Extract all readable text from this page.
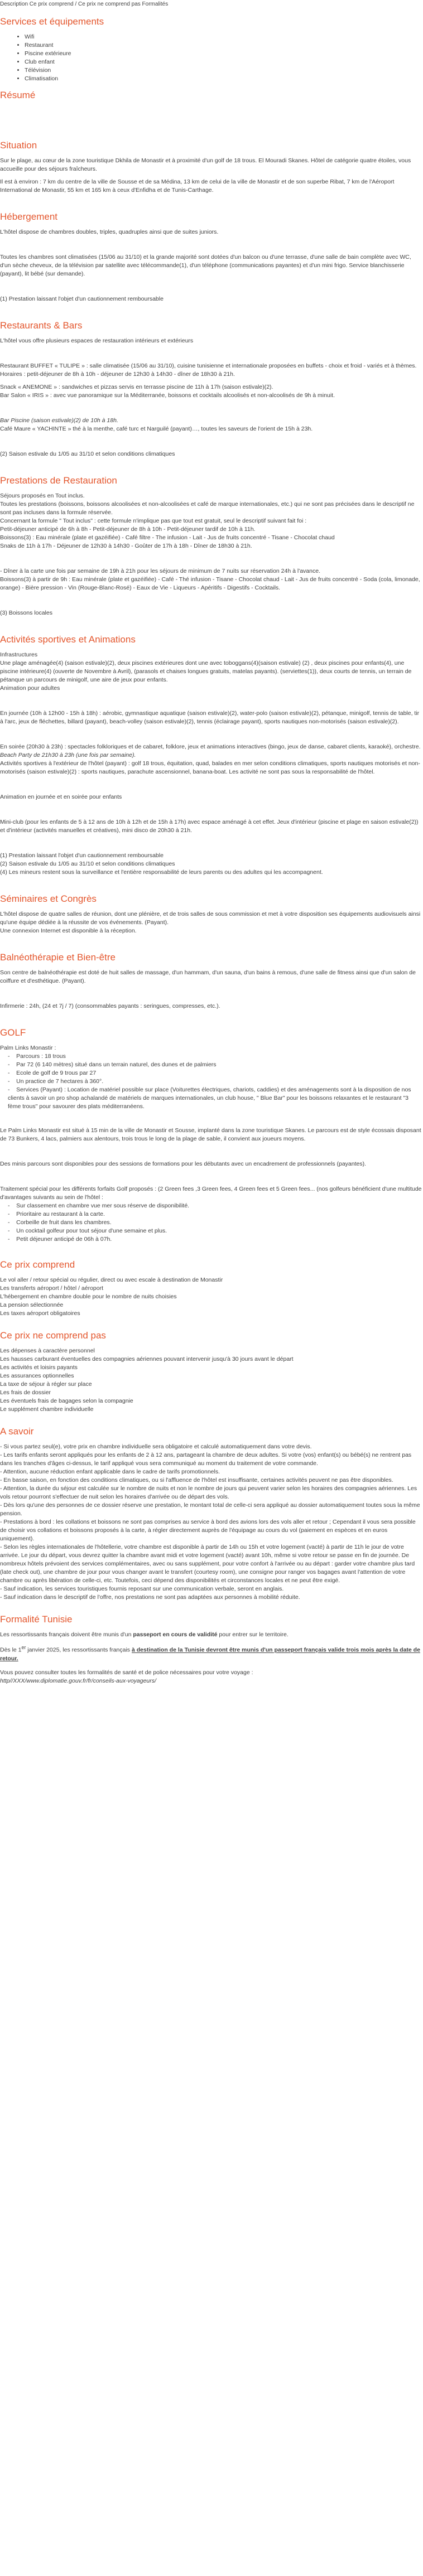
Description Ce prix comprend / Ce prix ne comprend pas Formalités
Services et équipements
• Wifi
• Restaurant
• Piscine extérieure
• Club enfant
• Télévision
• Climatisation
Résumé
Situation

Sur le plage, au cœur de la zone touristique Dkhila de Monastir et à proximité d'un golf de 18 trous. El Mouradi Skanes. Hôtel de catégorie quatre étoiles, vous accueille pour des séjours fraîcheurs.

Il est à environ : 7 km du centre de la ville de Sousse et de sa Médina, 13 km de celui de la ville de Monastir et de son superbe Ribat, 7 km de l'Aéroport International de Monastir, 55 km et 165 km à ceux d'Enfidha et de Tunis-Carthage.

Hébergement

L'hôtel dispose de chambres doubles, triples, quadruples ainsi que de suites juniors.

Toutes les chambres sont climatisées (15/06 au 31/10) et la grande majorité sont dotées d'un balcon ou d'une terrasse, d'une salle de bain complète avec WC, d'un sèche cheveux, de la télévision par satellite avec télécommande(1), d'un téléphone (communications payantes) et d'un mini frigo. Service blanchisserie (payant), lit bébé (sur demande).

(1) Prestation laissant l'objet d'un cautionnement remboursable

Restaurants & Bars

L'hôtel vous offre plusieurs espaces de restauration intérieurs et extérieurs

Restaurant BUFFET « TULIPE » : salle climatisée (15/06 au 31/10), cuisine tunisienne et internationale proposées en buffets - choix et froid - variés et à thèmes. Horaires : petit-déjeuner de 8h à 10h - déjeuner de 12h30 à 14h30 - dîner de 18h30 à 21h.

Snack « ANEMONE » : sandwiches et pizzas servis en terrasse piscine de 11h à 17h (saison estivale)(2).

Bar Salon « IRIS » : avec vue panoramique sur la Méditerranée, boissons et cocktails alcoolisés et non-alcoolisés de 9h à minuit.

Bar Piscine (saison estivale)(2) de 10h à 18h.

Café Maure « YACHINTE » thé à la menthe, café turc et Narguilé (payant)…, toutes les saveurs de l'orient de 15h à 23h.

(2) Saison estivale du 1/05 au 31/10 et selon conditions climatiques

Prestations de Restauration

Séjours proposés en Tout inclus.

Toutes les prestations (boissons, boissons alcoolisées et non-alcoolisées et café de marque internationales, etc.) qui ne sont pas précisées dans le descriptif ne sont pas incluses dans la formule réservée.

Concernant la formule " Tout inclus" : cette formule n'implique pas que tout est gratuit, seul le descriptif suivant fait foi :

Petit-déjeuner anticipé de 6h à 8h - Petit-déjeuner de 8h à 10h - Petit-déjeuner tardif de 10h à 11h.

Boissons(3) : Eau minérale (plate et gazéifiée) - Café filtre - The infusion - Lait - Jus de fruits concentré - Tisane - Chocolat chaud

Snaks de 11h à 17h - Déjeuner de 12h30 à 14h30 - Goûter de 17h à 18h - Dîner de 18h30 à 21h.

- Dîner à la carte une fois par semaine de 19h à 21h pour les séjours de minimum de 7 nuits sur réservation 24h à l'avance.

Boissons(3) à partir de 9h : Eau minérale (plate et gazéifiée) - Café - Thé infusion - Tisane - Chocolat chaud - Lait - Jus de fruits concentré - Soda (cola, limonade, orange) - Bière pression - Vin (Rouge-Blanc-Rosé) - Eaux de Vie - Liqueurs - Apéritifs - Digestifs - Cocktails.

(3) Boissons locales

Activités sportives et Animations

Infrastructures

Une plage aménagée(4) (saison estivale)(2), deux piscines extérieures dont une avec toboggans(4)(saison estivale) (2) , deux piscines pour enfants(4), une piscine intérieure(4) (ouverte de Novembre à Avril), (parasols et chaises longues gratuits, matelas payants). (serviettes(1)), deux courts de tennis, un terrain de pétanque un parcours de minigolf, une aire de jeux pour enfants.

Animation pour adultes

En journée (10h à 12h00 - 15h à 18h) : aérobic, gymnastique aquatique (saison estivale)(2), water-polo (saison estivale)(2), pétanque, minigolf, tennis de table, tir à l'arc, jeux de fléchettes, billard (payant), beach-volley (saison estivale)(2), tennis (éclairage payant), sports nautiques non-motorisés (saison estivale)(2).

En soirée (20h30 à 23h) : spectacles folkloriques et de cabaret, folklore, jeux et animations interactives (bingo, jeux de danse, cabaret clients, karaoké), orchestre.

Beach Party de 21h30 à 23h (une fois par semaine).

Activités sportives à l'extérieur de l'hôtel (payant) : golf 18 trous, équitation, quad, balades en mer selon conditions climatiques, sports nautiques motorisés et non-motorisés (saison estivale)(2) : sports nautiques, parachute ascensionnel, banana-boat. Les activité ne sont pas sous la responsabilité de l'hôtel.

Animation en journée et en soirée pour enfants

Mini-club (pour les enfants de 5 à 12 ans de 10h à 12h et de 15h à 17h) avec espace aménagé à cet effet. Jeux d'intérieur (piscine et plage en saison estivale(2)) et d'intérieur (activités manuelles et créatives), mini disco de 20h30 à 21h.

(1) Prestation laissant l'objet d'un cautionnement remboursable

(2) Saison estivale du 1/05 au 31/10 et selon conditions climatiques

(4) Les mineurs restent sous la surveillance et l'entière responsabilité de leurs parents ou des adultes qui les accompagnent.

Séminaires et Congrès

L'hôtel dispose de quatre salles de réunion, dont une plénière, et de trois salles de sous commission et met à votre disposition ses équipements audiovisuels ainsi qu'une équipe dédiée à la réussite de vos événements. (Payant).

Une connexion Internet est disponible à la réception.

Balnéothérapie et Bien-être

Son centre de balnéothérapie est doté de huit salles de massage, d'un hammam, d'un sauna, d'un bains à remous, d'une salle de fitness ainsi que d'un salon de coiffure et d'esthétique. (Payant).

Infirmerie : 24h, (24 et 7j / 7) (consommables payants : seringues, compresses, etc.).

GOLF

Palm Links Monastir :

-    Parcours : 18 trous
-    Par 72 (6 140 mètres) situé dans un terrain naturel, des dunes et de palmiers
-    Ecole de golf de 9 trous par 27
-    Un practice de 7 hectares à 360°.
-    Services (Payant) : Location de matériel possible sur place (Voiturettes électriques, chariots, caddies) et des aménagements sont à la disposition de nos clients à savoir un pro shop achalandé de matériels de marques internationales, un club house, " Blue Bar" pour les boissons relaxantes et le restaurant "3 fème trous" pour savourer des plats méditerranéens.

Le Palm Links Monastir est situé à 15 min de la ville de Monastir et Sousse, implanté dans la zone touristique Skanes. Le parcours est de style écossais disposant de 73 Bunkers, 4 lacs, palmiers aux alentours, trois trous le long de la plage de sable, il convient aux joueurs moyens.

Des minis parcours sont disponibles pour des sessions de formations pour les débutants avec un encadrement de professionnels (payantes).

Traitement spécial pour les différents forfaits Golf proposés : (2 Green fees ,3 Green fees, 4 Green fees et 5 Green fees... (nos golfeurs bénéficient d'une multitude d'avantages suivants au sein de l'hôtel :

-    Sur classement en chambre vue mer sous réserve de disponibilité.
-    Prioritaire au restaurant à la carte.
-    Corbeille de fruit dans les chambres.
-    Un cocktail golfeur pour tout séjour d'une semaine et plus.
-    Petit déjeuner anticipé de 06h à 07h.
Ce prix comprend
Le vol aller / retour spécial ou régulier, direct ou avec escale à destination de Monastir
Les transferts aéroport / hôtel / aéroport
L'hébergement en chambre double pour le nombre de nuits choisies
La pension sélectionnée
Les taxes aéroport obligatoires
Ce prix ne comprend pas
Les dépenses à caractère personnel
Les hausses carburant éventuelles des compagnies aériennes pouvant intervenir jusqu'à 30 jours avant le départ
Les activités et loisirs payants
Les assurances optionnelles
La taxe de séjour à régler sur place
Les frais de dossier
Les éventuels frais de bagages selon la compagnie
Le supplément chambre individuelle
A savoir
- Si vous partez seul(e), votre prix en chambre individuelle sera obligatoire et calculé automatiquement dans votre devis.
- Les tarifs enfants seront appliqués pour les enfants de 2 à 12 ans, partageant la chambre de deux adultes. Si votre (vos) enfant(s) ou bébé(s) ne rentrent pas dans les tranches d'âges ci-dessus, le tarif appliqué vous sera communiqué au moment du traitement de votre commande.
- Attention, aucune réduction enfant applicable dans le cadre de tarifs promotionnels.
- En basse saison, en fonction des conditions climatiques, ou si l'affluence de l'hôtel est insuffisante, certaines activités peuvent ne pas être disponibles.
- Attention, la durée du séjour est calculée sur le nombre de nuits et non le nombre de jours qui peuvent varier selon les horaires des compagnies aériennes. Les vols retour pourront s'effectuer de nuit selon les horaires d'arrivée ou de départ des vols.
- Dès lors qu'une des personnes de ce dossier réserve une prestation, le montant total de celle-ci sera appliqué au dossier automatiquement toutes sous la même pension.
- Prestations à bord : les collations et boissons ne sont pas comprises au service à bord des avions lors des vols aller et retour ; Cependant il vous sera possible de choisir vos collations et boissons proposés à la carte, à régler directement auprès de l'équipage au cours du vol (paiement en espèces et en euros uniquement).
- Selon les règles internationales de l'hôtellerie, votre chambre est disponible à partir de 14h ou 15h et votre logement (vacté) à partir de 11h le jour de votre arrivée. Le jour du départ, vous devrez quitter la chambre avant midi et votre logement (vacté) avant 10h, même si votre retour se passe en fin de journée. De nombreux hôtels prévoient des services complémentaires, avec ou sans supplément, pour votre confort à l'arrivée ou au départ : garder votre chambre plus tard (late check out), une chambre de jour pour vous changer avant le transfert (courtesy room), une consigne pour ranger vos bagages avant l'attention de votre chambre ou après libération de celle-ci, etc. Toutefois, ceci dépend des disponibilités et circonstances locales et ne peut être exigé.
- Sauf indication, les services touristiques fournis reposant sur une communication verbale, seront en anglais.
- Sauf indication dans le descriptif de l'offre, nos prestations ne sont pas adaptées aux personnes à mobilité réduite.
Formalité Tunisie

Les ressortissants français doivent être munis d'un passeport en cours de validité pour entrer sur le territoire.

Dès le 1er janvier 2025, les ressortissants français à destination de la Tunisie devront être munis d'un passeport français valide trois mois après la date de retour.

Vous pouvez consulter toutes les formalités de santé et de police nécessaires pour votre voyage :

http//XXX/www.diplomatie.gouv.fr/fr/conseils-aux-voyageurs/
